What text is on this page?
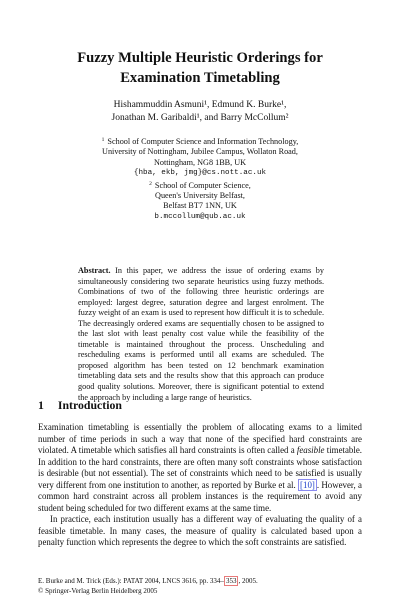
Fuzzy Multiple Heuristic Orderings for
Examination Timetabling
Hishammuddin Asmuni¹, Edmund K. Burke¹,
Jonathan M. Garibaldi¹, and Barry McCollum²
$^1$ School of Computer Science and Information Technology,
University of Nottingham, Jubilee Campus, Wollaton Road,
Nottingham, NG8 1BB, UK
{hba, ekb, jmg}@cs.nott.ac.uk
$^2$ School of Computer Science,
Queen's University Belfast,
Belfast BT7 1NN, UK
b.mccollum@qub.ac.uk
Abstract. In this paper, we address the issue of ordering exams by simultaneously considering two separate heuristics using fuzzy methods. Combinations of two of the following three heuristic orderings are employed: largest degree, saturation degree and largest enrolment. The fuzzy weight of an exam is used to represent how difficult it is to schedule. The decreasingly ordered exams are sequentially chosen to be assigned to the last slot with least penalty cost value while the feasibility of the timetable is maintained throughout the process. Unscheduling and rescheduling exams is performed until all exams are scheduled. The proposed algorithm has been tested on 12 benchmark examination timetabling data sets and the results show that this approach can produce good quality solutions. Moreover, there is significant potential to extend the approach by including a large range of heuristics.
1 Introduction

Examination timetabling is essentially the problem of allocating exams to a limited number of time periods in such a way that none of the specified hard constraints are violated. A timetable which satisfies all hard constraints is often called a feasible timetable. In addition to the hard constraints, there are often many soft constraints whose satisfaction is desirable (but not essential). The set of constraints which need to be satisfied is usually very different from one institution to another, as reported by Burke et al. [10] . However, a common hard constraint across all problem instances is the requirement to avoid any student being scheduled for two different exams at the same time.

In practice, each institution usually has a different way of evaluating the quality of a feasible timetable. In many cases, the measure of quality is calculated based upon a penalty function which represents the degree to which the soft constraints are satisfied.

E. Burke and M. Trick (Eds.): PATAT 2004, LNCS 3616, pp. 334– 353 , 2005.
© Springer-Verlag Berlin Heidelberg 2005
